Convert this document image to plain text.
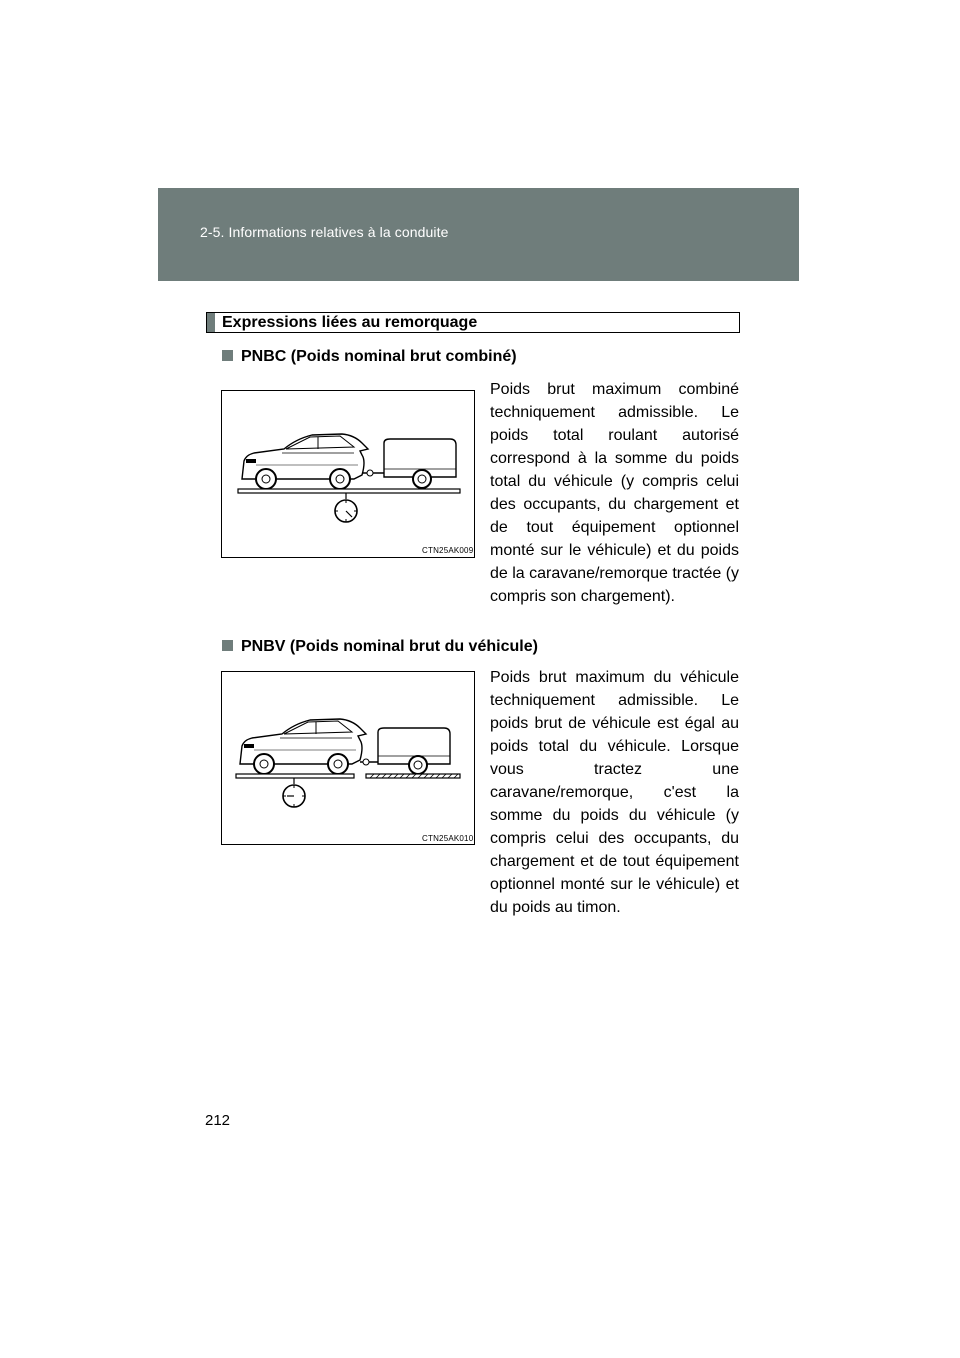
2-5. Informations relatives à la conduite
Expressions liées au remorquage
PNBC (Poids nominal brut combiné)
CTN25AK009

Poids brut maximum combiné techniquement admissible. Le poids total roulant autorisé correspond à la somme du poids total du véhicule (y compris celui des occupants, du chargement et de tout équipement optionnel monté sur le véhicule) et du poids de la caravane/remorque tractée (y compris son chargement).

PNBV (Poids nominal brut du véhicule)
CTN25AK010

Poids brut maximum du véhicule techniquement admissible. Le poids brut de véhicule est égal au poids total du véhicule. Lorsque vous tractez une caravane/remorque, c'est la somme du poids du véhicule (y compris celui des occupants, du chargement et de tout équipement optionnel monté sur le véhicule) et du poids au timon.

212
